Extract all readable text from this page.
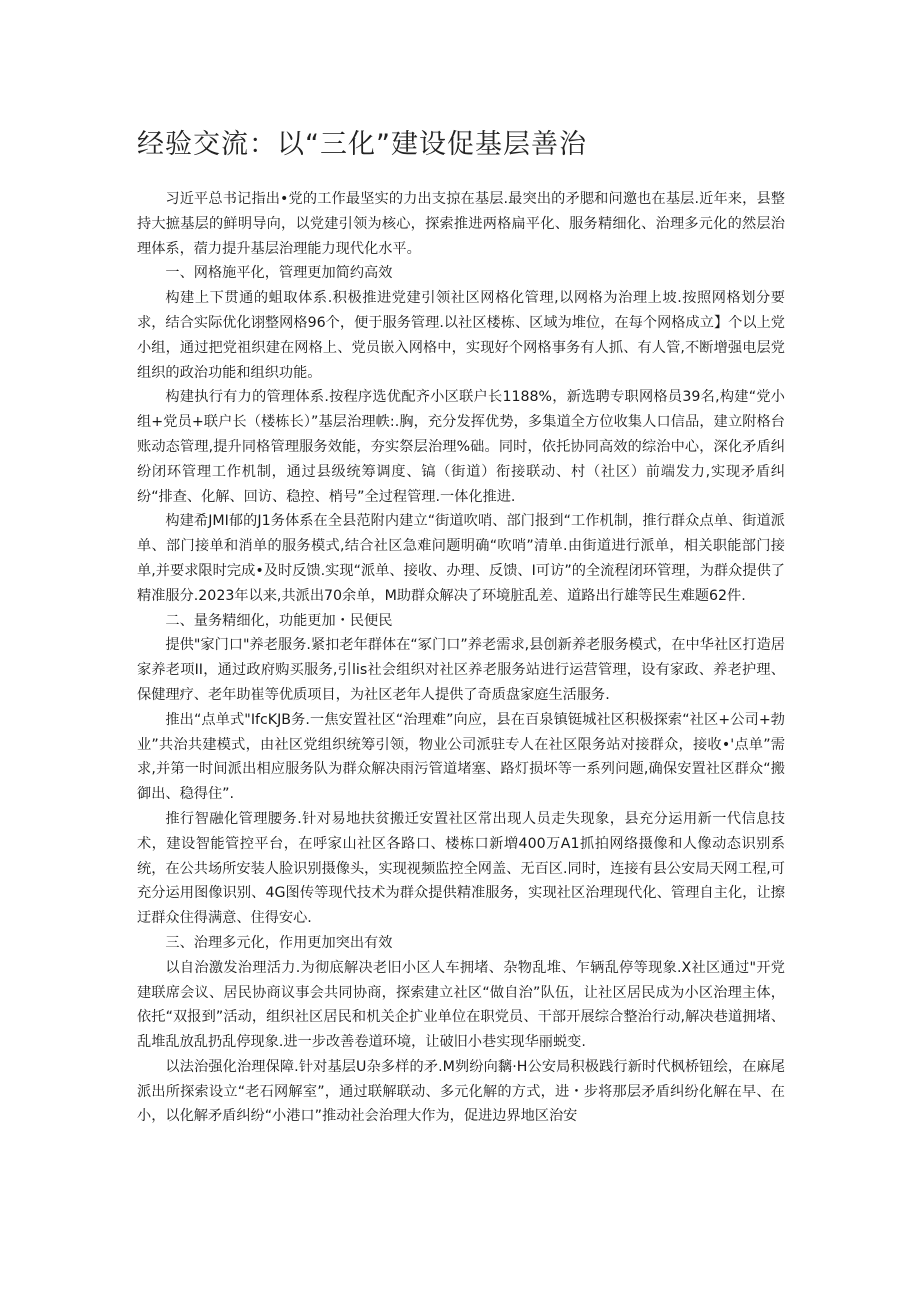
经验交流：以“三化”建设促基层善治

习近平总书记指出•党的工作最坚实的力出支掠在基层.最突出的矛腮和问邀也在基层.近年来，县整持大摭基层的鲜明导向，以党建引领为核心，探索推进两格扁平化、服务精细化、治理多元化的然层治理体系，蓿力提升基层治理能力现代化水平。

一、网格施平化，管理更加简约高效

构建上下贯通的蛆取体系.积极推进党建引领社区网格化管理,以网格为治理上坡.按照网格划分要求，结合实际优化诩整网格96个，便于服务管理.以社区楼栋、区域为堆位，在每个网格成立】个以上党小组，通过把党祖织建在网格上、党员嵌入网格中，实现好个网格事务有人抓、有人管,不断增强电层党组织的政治功能和组织功能。

构建执行有力的管理体系.按程序选优配齐小区联户长1188%，新选聘专职网格员39名,构建“党小组+党员+联户长（楼栋长）”基层治理帙:.胸，充分发挥优势，多集道全方位收集人口信品，建立附格台账动态管理,提升同格管理服务效能，夯实祭层治理%础。同时，依托协同高效的综治中心，深化矛盾纠纷闭环管理工作机制，通过县级统筹调度、镐（街道）衔接联动、村（社区）前端发力,实现矛盾纠纷“排查、化解、回访、稳控、梢号”全过程管理.一体化推进.

构建希JMI郁的J1务体系在全县范附内建立“街道吹哨、部门报到“工作机制，推行群众点单、街道派单、部门接单和消单的服务模式,结合社区急难问题明确“吹哨”清单.由街道进行派单，相关职能部门接单,并要求限时完成•及时反馈.实现“派单、接收、办理、反馈、I可访”的全流程闭环管理，为群众提供了精准服分.2023年以来,共派出70余单，M助群众解决了环境脏乱差、道路出行雄等民生难题62件.

二、量务精细化，功能更加・民便民

提供"家门口"养老服务.紧扣老年群体在“冢门口”养老需求,县创新养老服务模式，在中华社区打造居家养老项II，通过政府购买服务,引lis社会组织对社区养老服务站进行运营管理，设有家政、养老护理、保健理疗、老年助崔等优质项目，为社区老年人提供了奇质盘家庭生活服务.

推出“点单式"IfcKJB务.一焦安置社区“治理难”向应，县在百泉镇铤城社区积极探索“社区+公司+勃业”共治共建模式，由社区党组织统筹引领，物业公司派驻专人在社区限务站对接群众，接收•'点单”需求,并第一时间派出相应服务队为群众解决雨污管道堵塞、路灯损坏等一系列问题,确保安置社区群众“搬御出、稳得住”.

推行智融化管理腰务.针对易地扶贫搬迁安置社区常出现人员走失现象，县充分运用新一代信息技术，建设智能管控平台，在呼家山社区各路口、楼栋口新増400万A1抓拍网络摄像和人像动态识别系统，在公共场所安装人脸识别摄像头，实现视频监控全网盖、无百区.同时，连接有县公安局天网工程,可充分运用图像识别、4G图传等现代技术为群众提供精准服务，实现社区治理现代化、管理自主化，让擦迂群众住得满意、住得安心.

三、治理多元化，作用更加突出有效

以自治激发治理活力.为彻底解决老旧小区人车拥堵、杂物乱堆、乍辆乱停等现象.X社区通过"开党建联席会议、居民协商议事会共同协商，探索建立社区“做自治”队伍，让社区居民成为小区治理主体，依托“双报到”活动，组织社区居民和机关企扩业单位在职党员、干部开展综合整治行动,解决巷道拥堵、乱堆乱放乱扔乱停现象.进一步改善卷道环境，让破旧小巷实现华丽蜕变.

以法治强化治理保障.针对基层U杂多样的矛.M刿纷向黐·H公安局积极践行新时代枫桥钮绘，在麻尾派出所探索设立“老石网解室”，通过联解联动、多元化解的方式，进・步将那层矛盾纠纷化解在早、在小，以化解矛盾纠纷“小港口”推动社会治理大作为，促进边界地区治安
